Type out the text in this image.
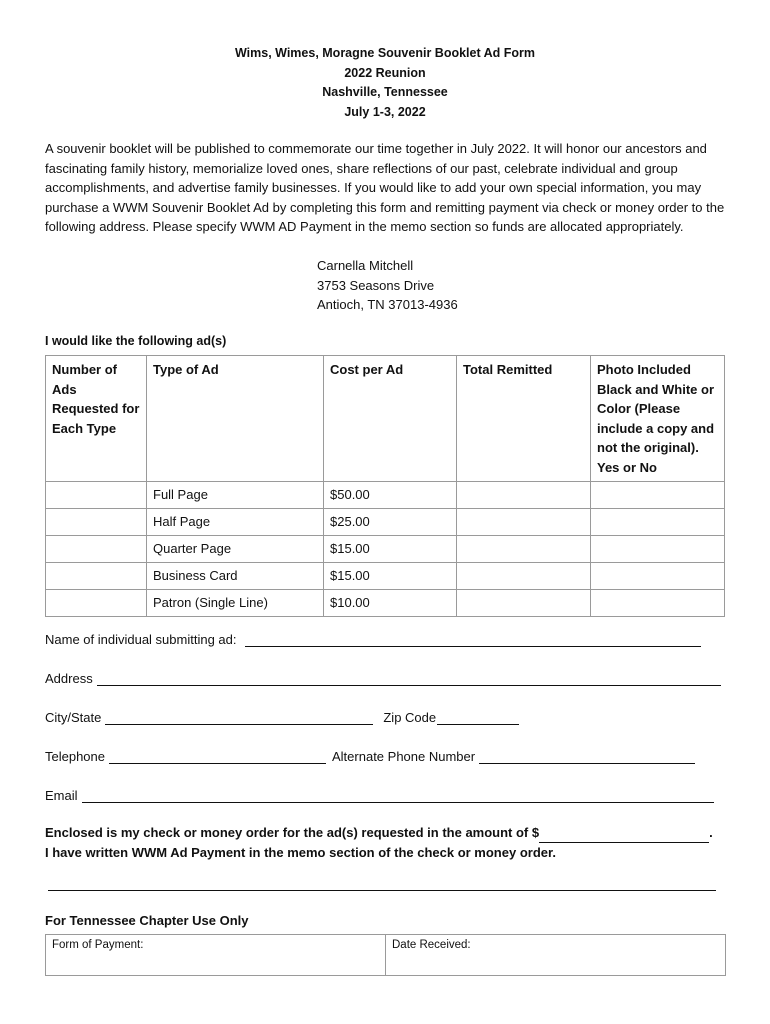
Wims, Wimes, Moragne Souvenir Booklet Ad Form
2022 Reunion
Nashville, Tennessee
July 1-3, 2022

A souvenir booklet will be published to commemorate our time together in July 2022. It will honor our ancestors and fascinating family history, memorialize loved ones, share reflections of our past, celebrate individual and group accomplishments, and advertise family businesses. If you would like to add your own special information, you may purchase a WWM Souvenir Booklet Ad by completing this form and remitting payment via check or money order to the following address. Please specify WWM AD Payment in the memo section so funds are allocated appropriately.

Carnella Mitchell
3753 Seasons Drive
Antioch, TN 37013-4936
I would like the following ad(s)
Number of Ads Requested for Each Type	Type of Ad	Cost per Ad	Total Remitted	Photo Included Black and White or Color (Please include a copy and not the original). Yes or No
	Full Page	$50.00		
	Half Page	$25.00		
	Quarter Page	$15.00		
	Business Card	$15.00		
	Patron (Single Line)	$10.00		
Name of individual submitting ad:
Address
City/State	Zip Code
Telephone	Alternate Phone Number
Email
Enclosed is my check or money order for the ad(s) requested in the amount of $	.
I have written WWM Ad Payment in the memo section of the check or money order.
For Tennessee Chapter Use Only
Form of Payment:	Date Received:
